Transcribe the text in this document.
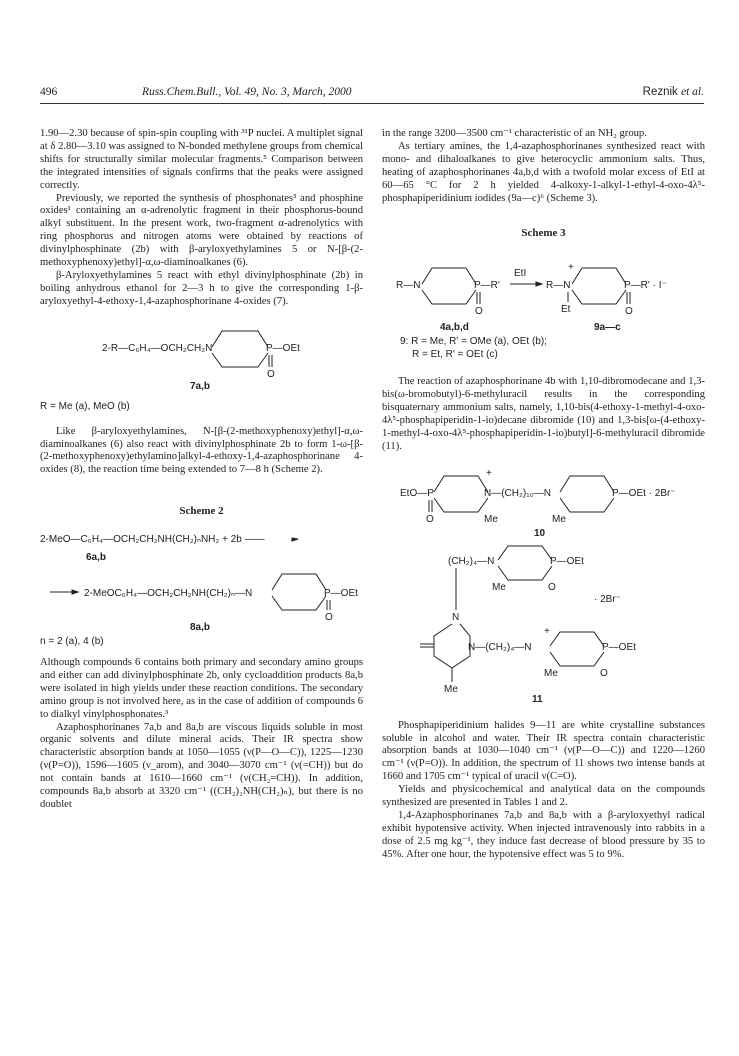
496	Russ.Chem.Bull., Vol. 49, No. 3, March, 2000	Reznik et al.

1.90—2.30 because of spin-spin coupling with ³¹P nuclei. A multiplet signal at δ 2.80—3.10 was assigned to N-bonded methylene groups from chemical shifts for structurally similar molecular fragments.⁵ Comparison between the integrated intensities of signals confirms that the peaks were assigned correctly.

Previously, we reported the synthesis of phosphonates³ and phosphine oxides¹ containing an α-adrenolytic fragment in their phosphorus-bound alkyl substituent. In the present work, two-fragment α-adrenolytics with ring phosphorus and nitrogen atoms were obtained by reactions of divinylphosphinate (2b) with β-aryloxyethylamines 5 or N-[β-(2-methoxyphenoxy)ethyl]-α,ω-diaminoalkanes (6).

β-Aryloxyethylamines 5 react with ethyl divinylphosphinate (2b) in boiling anhydrous ethanol for 2—3 h to give the corresponding 1-β-aryloxyethyl-4-ethoxy-1,4-azaphosphorinane 4-oxides (7).

2-R—C₆H₄—OCH₂CH₂N	P—OEt
O
7a,b

R = Me (a), MeO (b)

Like β-aryloxyethylamines, N-[β-(2-methoxyphenoxy)ethyl]-α,ω-diaminoalkanes (6) also react with divinylphosphinate 2b to form 1-ω-[β-(2-methoxyphenoxy)ethylamino]alkyl-4-ethoxy-1,4-azaphosphorinane 4-oxides (8), the reaction time being extended to 7—8 h (Scheme 2).

Scheme 2

2-MeO—C₆H₄—OCH₂CH₂NH(CH₂)ₙNH₂ + 2b ——
6a,b
2-MeOC₆H₄—OCH₂CH₂NH(CH₂)ₙ—N	P—OEt
O
8a,b

n = 2 (a), 4 (b)

Although compounds 6 contains both primary and secondary amino groups and either can add divinylphosphinate 2b, only cycloaddition products 8a,b were isolated in high yields under these reaction conditions. The secondary amino group is not involved here, as in the case of addition of compounds 6 to dialkyl vinylphosphonates.³

Azaphosphorinanes 7a,b and 8a,b are viscous liquids soluble in most organic solvents and dilute mineral acids. Their IR spectra show characteristic absorption bands at 1050—1055 (ν(P—O—C)), 1225—1230 (ν(P=O)), 1596—1605 (ν_arom), and 3040—3070 cm⁻¹ (ν(=CH)) but do not contain bands at 1610—1660 cm⁻¹ (ν(CH₂=CH)). In addition, compounds 8a,b absorb at 3320 cm⁻¹ ((CH₂)₂NH(CH₂)ₙ), but there is no doublet

in the range 3200—3500 cm⁻¹ characteristic of an NH₂ group.

As tertiary amines, the 1,4-azaphosphorinanes synthesized react with mono- and dihaloalkanes to give heterocyclic ammonium salts. Thus, heating of azaphosphorinanes 4a,b,d with a twofold molar excess of EtI at 60—65 °C for 2 h yielded 4-alkoxy-1-alkyl-1-ethyl-4-oxo-4λ⁵-phosphapiperidinium iodides (9a—c)⁶ (Scheme 3).

Scheme 3

R—N	P—R'
O
EtI
R—N
+
P—R' · I⁻
O
Et
4a,b,d	9a—c

9: R = Me, R' = OMe (a), OEt (b);

R = Et, R' = OEt (c)

The reaction of azaphosphorinane 4b with 1,10-dibromodecane and 1,3-bis(ω-bromobutyl)-6-methyluracil results in the corresponding bisquaternary ammonium salts, namely, 1,10-bis(4-ethoxy-1-methyl-4-oxo-4λ⁵-phosphapiperidin-1-io)decane dibromide (10) and 1,3-bis[ω-(4-ethoxy-1-methyl-4-oxo-4λ⁵-phosphapiperidin-1-io)butyl]-6-methyluracil dibromide (11).

EtO—P
O
+
N—(CH₂)₁₀—N
Me
P—OEt · 2Br⁻
Me
10
(CH₂)₄—N	P—OEt
Me	O
· 2Br⁻
N
Me
N—(CH₂)₄—N
+
P—OEt
Me	O
11

Phosphapiperidinium halides 9—11 are white crystalline substances soluble in alcohol and water. Their IR spectra contain characteristic absorption bands at 1030—1040 cm⁻¹ (ν(P—O—C)) and 1220—1260 cm⁻¹ (ν(P=O)). In addition, the spectrum of 11 shows two intense bands at 1660 and 1705 cm⁻¹ typical of uracil ν(C=O).

Yields and physicochemical and analytical data on the compounds synthesized are presented in Tables 1 and 2.

1,4-Azaphosphorinanes 7a,b and 8a,b with a β-aryloxyethyl radical exhibit hypotensive activity. When injected intravenously into rabbits in a dose of 2.5 mg kg⁻¹, they induce fast decrease of blood pressure by 35 to 45%. After one hour, the hypotensive effect was 5 to 9%.
